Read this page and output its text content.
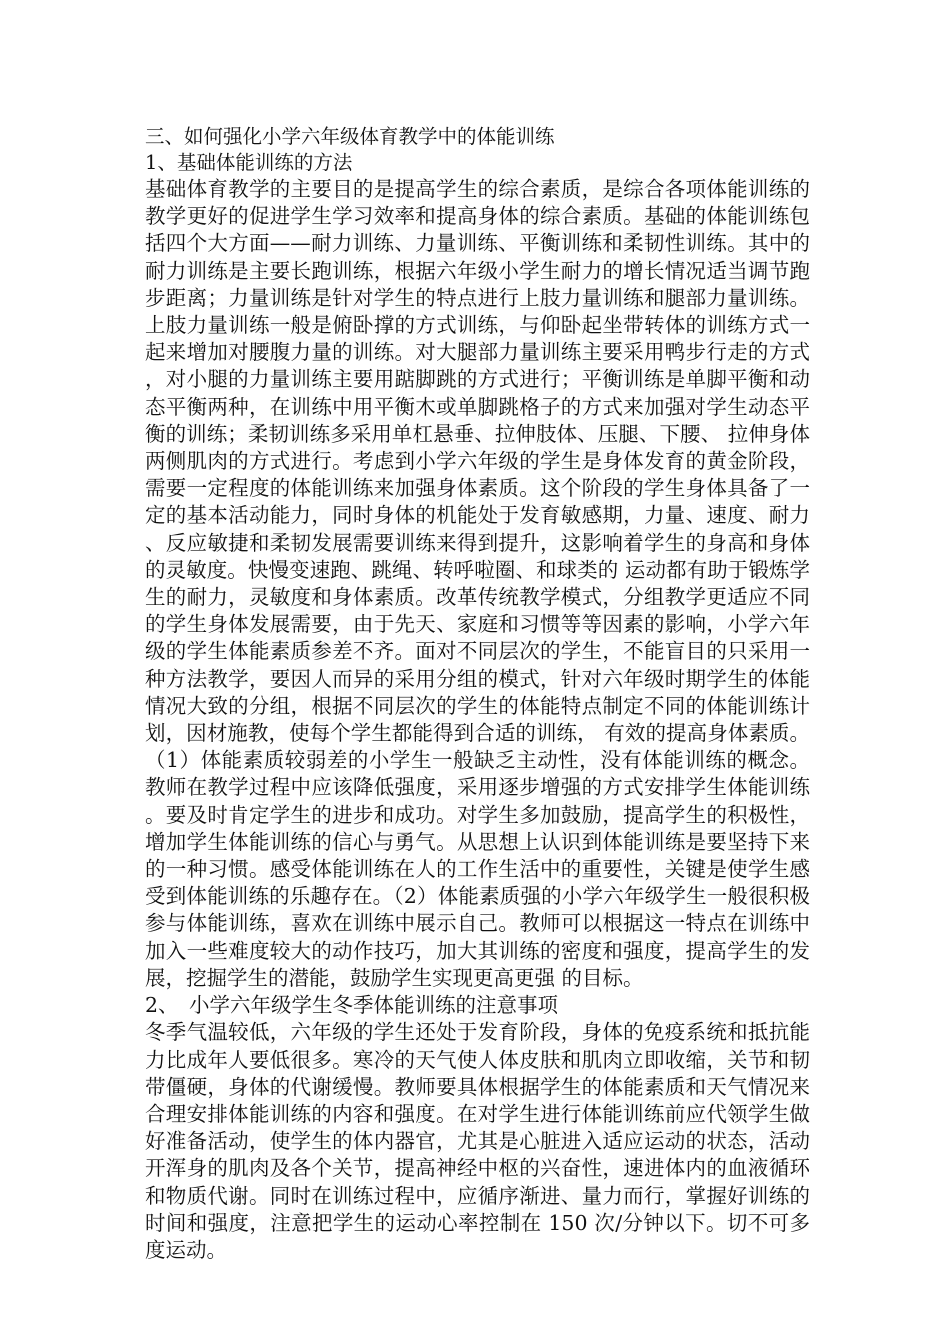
三、如何强化小学六年级体育教学中的体能训练
1、基础体能训练的方法

基础体育教学的主要目的是提高学生的综合素质，是综合各项体能训练的教学更好的促进学生学习效率和提高身体的综合素质。基础的体能训练包括四个大方面——耐力训练、力量训练、平衡训练和柔韧性训练。其中的耐力训练是主要长跑训练，根据六年级小学生耐力的增长情况适当调节跑步距离；力量训练是针对学生的特点进行上肢力量训练和腿部力量训练。上肢力量训练一般是俯卧撑的方式训练，与仰卧起坐带转体的训练方式一起来增加对腰腹力量的训练。对大腿部力量训练主要采用鸭步行走的方式，对小腿的力量训练主要用踮脚跳的方式进行；平衡训练是单脚平衡和动态平衡两种，在训练中用平衡木或单脚跳格子的方式来加强对学生动态平衡的训练；柔韧训练多采用单杠悬垂、拉伸肢体、压腿、下腰、 拉伸身体两侧肌肉的方式进行。考虑到小学六年级的学生是身体发育的黄金阶段，需要一定程度的体能训练来加强身体素质。这个阶段的学生身体具备了一定的基本活动能力，同时身体的机能处于发育敏感期，力量、速度、耐力、反应敏捷和柔韧发展需要训练来得到提升，这影响着学生的身高和身体的灵敏度。快慢变速跑、跳绳、转呼啦圈、和球类的 运动都有助于锻炼学生的耐力，灵敏度和身体素质。改革传统教学模式，分组教学更适应不同的学生身体发展需要，由于先天、家庭和习惯等等因素的影响，小学六年级的学生体能素质参差不齐。面对不同层次的学生，不能盲目的只采用一种方法教学，要因人而异的采用分组的模式，针对六年级时期学生的体能情况大致的分组，根据不同层次的学生的体能特点制定不同的体能训练计划，因材施教，使每个学生都能得到合适的训练， 有效的提高身体素质。（1）体能素质较弱差的小学生一般缺乏主动性，没有体能训练的概念。教师在教学过程中应该降低强度，采用逐步增强的方式安排学生体能训练。要及时肯定学生的进步和成功。对学生多加鼓励，提高学生的积极性，增加学生体能训练的信心与勇气。从思想上认识到体能训练是要坚持下来的一种习惯。感受体能训练在人的工作生活中的重要性，关键是使学生感受到体能训练的乐趣存在。（2）体能素质强的小学六年级学生一般很积极参与体能训练，喜欢在训练中展示自己。教师可以根据这一特点在训练中加入一些难度较大的动作技巧，加大其训练的密度和强度，提高学生的发展，挖掘学生的潜能，鼓励学生实现更高更强 的目标。

2、 小学六年级学生冬季体能训练的注意事项

冬季气温较低，六年级的学生还处于发育阶段，身体的免疫系统和抵抗能力比成年人要低很多。寒冷的天气使人体皮肤和肌肉立即收缩，关节和韧带僵硬，身体的代谢缓慢。教师要具体根据学生的体能素质和天气情况来合理安排体能训练的内容和强度。在对学生进行体能训练前应代领学生做好准备活动，使学生的体内器官，尤其是心脏进入适应运动的状态，活动开浑身的肌肉及各个关节，提高神经中枢的兴奋性，速进体内的血液循环和物质代谢。同时在训练过程中，应循序渐进、量力而行，掌握好训练的时间和强度，注意把学生的运动心率控制在 150 次/分钟以下。切不可多度运动。
